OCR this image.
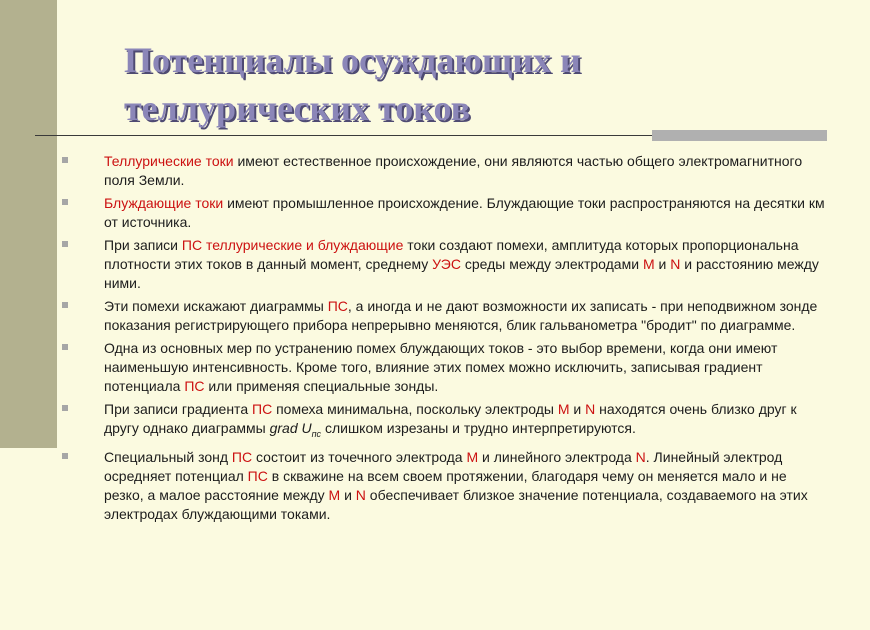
Потенциалы осуждающих и
теллурических токов
Теллурические токи имеют естественное происхождение, они являются частью общего электромагнитного поля Земли.
Блуждающие токи имеют промышленное происхождение. Блуждающие токи распространяются на десятки км от источника.
При записи ПС теллурические и блуждающие токи создают помехи, амплитуда которых пропорциональна плотности этих токов в данный момент, среднему УЭС среды между электродами М и N и расстоянию между ними.
Эти помехи искажают диаграммы ПС, а иногда и не дают возможности их записать - при неподвижном зонде показания регистрирующего прибора непрерывно меняются, блик гальванометра "бродит" по диаграмме.
Одна из основных мер по устранению помех блуждающих токов - это выбор времени, когда они имеют наименьшую интенсивность. Кроме того, влияние этих помех можно исключить, записывая градиент потенциала ПС или применяя специальные зонды.
При записи градиента ПС помеха минимальна, поскольку электроды М и N находятся очень близко друг к другу однако диаграммы grad $U_{пс}$ слишком изрезаны и трудно интерпретируются.
Специальный зонд ПС состоит из точечного электрода М и линейного электрода N. Линейный электрод осредняет потенциал ПС в скважине на всем своем протяжении, благодаря чему он меняется мало и не резко, а малое расстояние между М и N обеспечивает близкое значение потенциала, создаваемого на этих электродах блуждающими токами.
